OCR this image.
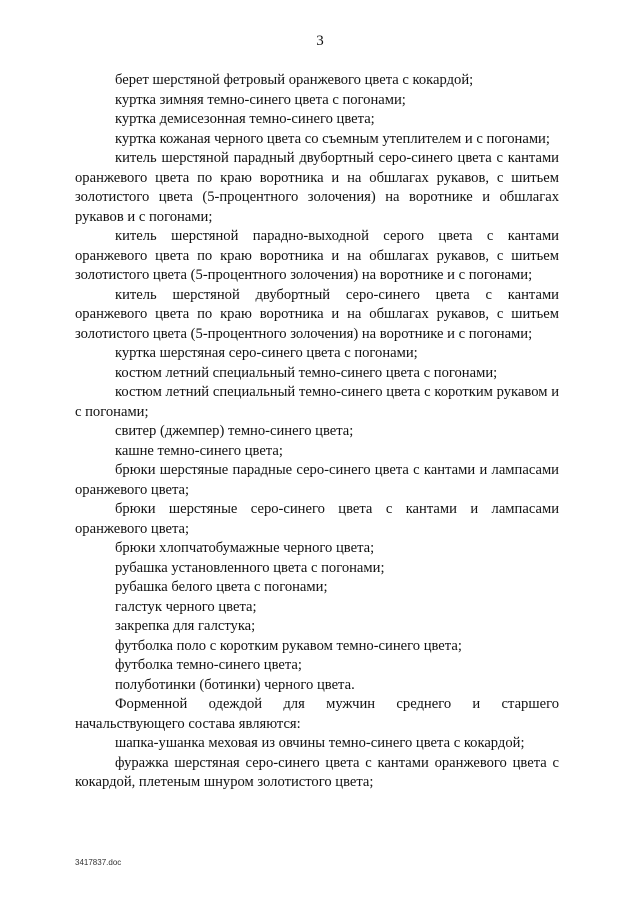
3

берет шерстяной фетровый оранжевого цвета с кокардой;

куртка зимняя темно-синего цвета с погонами;

куртка демисезонная темно-синего цвета;

куртка кожаная черного цвета со съемным утеплителем и с погонами;

китель шерстяной парадный двубортный серо-синего цвета с кантами оранжевого цвета по краю воротника и на обшлагах рукавов, с шитьем золотистого цвета (5-процентного золочения) на воротнике и обшлагах рукавов и с погонами;

китель шерстяной парадно-выходной серого цвета с кантами оранжевого цвета по краю воротника и на обшлагах рукавов, с шитьем золотистого цвета (5-процентного золочения) на воротнике и с погонами;

китель шерстяной двубортный серо-синего цвета с кантами оранжевого цвета по краю воротника и на обшлагах рукавов, с шитьем золотистого цвета (5-процентного золочения) на воротнике и с погонами;

куртка шерстяная серо-синего цвета с погонами;

костюм летний специальный темно-синего цвета с погонами;

костюм летний специальный темно-синего цвета с коротким рукавом и с погонами;

свитер (джемпер) темно-синего цвета;

кашне темно-синего цвета;

брюки шерстяные парадные серо-синего цвета с кантами и лампасами оранжевого цвета;

брюки шерстяные серо-синего цвета с кантами и лампасами оранжевого цвета;

брюки хлопчатобумажные черного цвета;

рубашка установленного цвета с погонами;

рубашка белого цвета с погонами;

галстук черного цвета;

закрепка для галстука;

футболка поло с коротким рукавом темно-синего цвета;

футболка темно-синего цвета;

полуботинки (ботинки) черного цвета.

Форменной одеждой для мужчин среднего и старшего начальствующего состава являются:

шапка-ушанка меховая из овчины темно-синего цвета с кокардой;

фуражка шерстяная серо-синего цвета с кантами оранжевого цвета с кокардой, плетеным шнуром золотистого цвета;

3417837.doc
